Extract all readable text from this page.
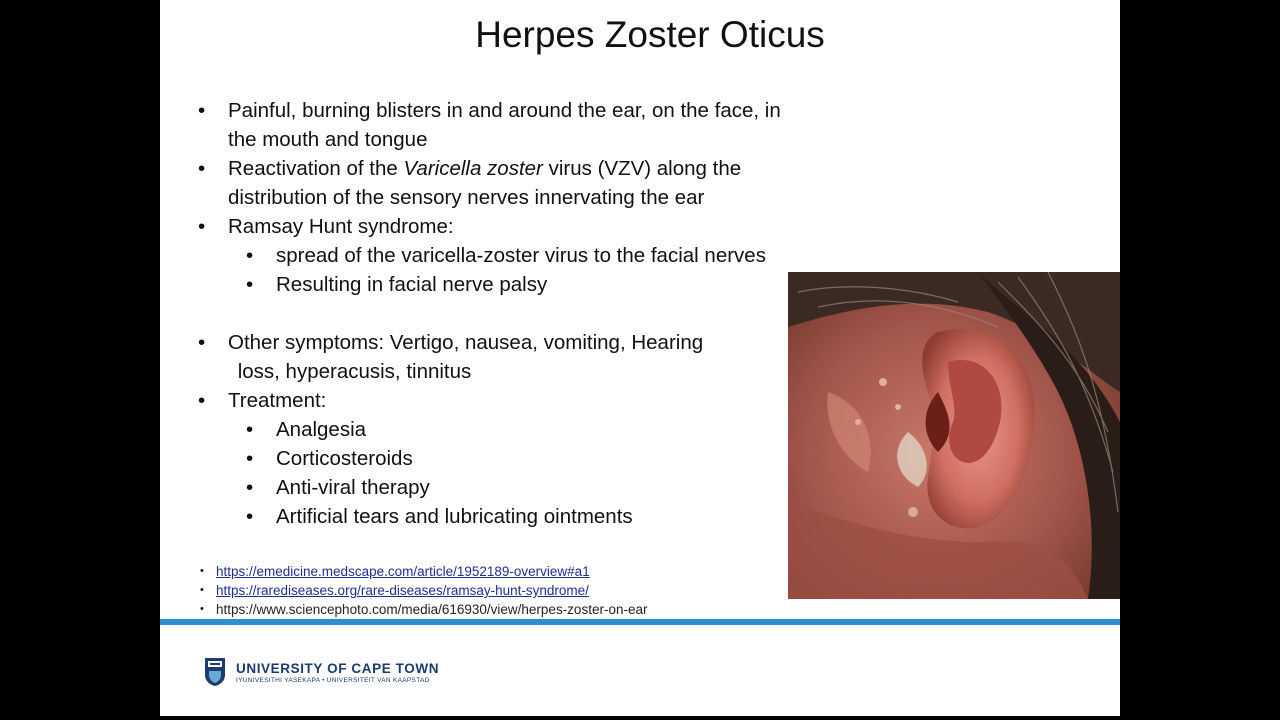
Herpes Zoster Oticus
• Painful, burning blisters in and around the ear, on the face, in
the mouth and tongue
• Reactivation of the Varicella zoster virus (VZV) along the
distribution of the sensory nerves innervating the ear
• Ramsay Hunt syndrome:
• spread of the varicella-zoster virus to the facial nerves
• Resulting in facial nerve palsy
• Other symptoms: Vertigo, nausea, vomiting, Hearing
loss, hyperacusis, tinnitus
• Treatment:
• Analgesia
• Corticosteroids
• Anti-viral therapy
• Artificial tears and lubricating ointments
• https://emedicine.medscape.com/article/1952189-overview#a1
• https://rarediseases.org/rare-diseases/ramsay-hunt-syndrome/
• https://www.sciencephoto.com/media/616930/view/herpes-zoster-on-ear
UNIVERSITY OF CAPE TOWN
IYUNIVESITHI YASEKAPA • UNIVERSITEIT VAN KAAPSTAD
